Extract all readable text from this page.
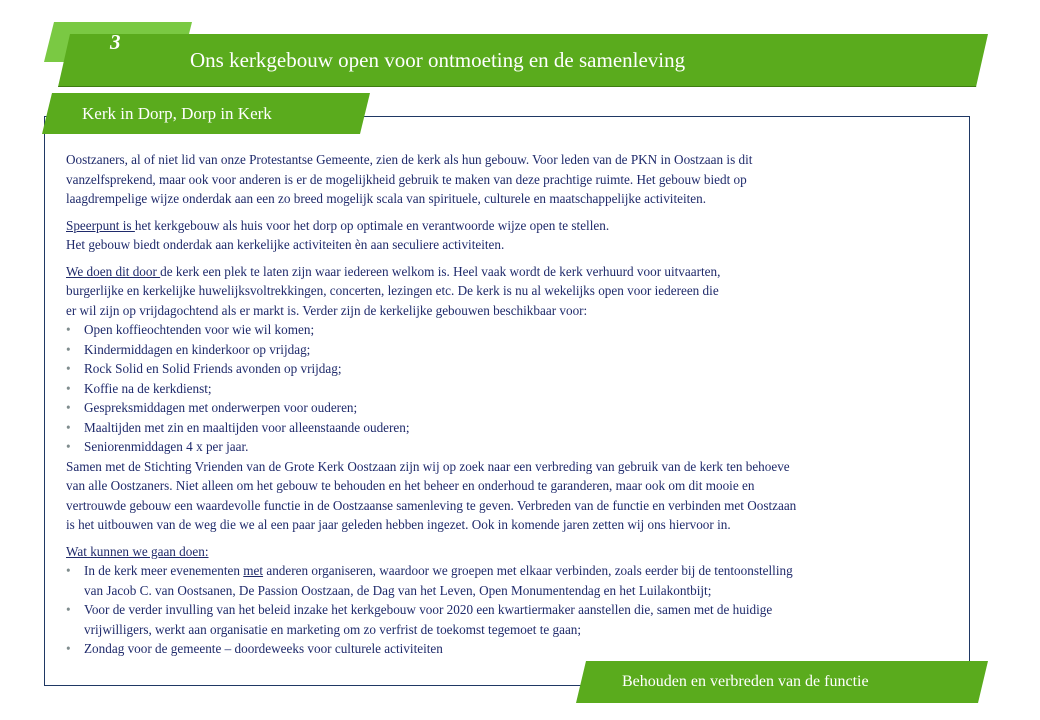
3
Ons kerkgebouw open voor ontmoeting en de samenleving
Kerk in Dorp, Dorp in Kerk
Oostzaners, al of niet lid van onze Protestantse Gemeente, zien de kerk als hun gebouw. Voor leden van de PKN in Oostzaan is dit
vanzelfsprekend, maar ook voor anderen is er de mogelijkheid gebruik te maken van deze prachtige ruimte. Het gebouw biedt op
laagdrempelige wijze onderdak aan een zo breed mogelijk scala van spirituele, culturele en maatschappelijke activiteiten.
Speerpunt is het kerkgebouw als huis voor het dorp op optimale en verantwoorde wijze open te stellen.
Het gebouw biedt onderdak aan kerkelijke activiteiten èn aan seculiere activiteiten.
We doen dit door de kerk een plek te laten zijn waar iedereen welkom is. Heel vaak wordt de kerk verhuurd voor uitvaarten,
burgerlijke en kerkelijke huwelijksvoltrekkingen, concerten, lezingen etc. De kerk is nu al wekelijks open voor iedereen die
er wil zijn op vrijdagochtend als er markt is. Verder zijn de kerkelijke gebouwen beschikbaar voor:
• Open koffieochtenden voor wie wil komen;
• Kindermiddagen en kinderkoor op vrijdag;
• Rock Solid en Solid Friends avonden op vrijdag;
• Koffie na de kerkdienst;
• Gespreksmiddagen met onderwerpen voor ouderen;
• Maaltijden met zin en maaltijden voor alleenstaande ouderen;
• Seniorenmiddagen 4 x per jaar.
Samen met de Stichting Vrienden van de Grote Kerk Oostzaan zijn wij op zoek naar een verbreding van gebruik van de kerk ten behoeve
van alle Oostzaners. Niet alleen om het gebouw te behouden en het beheer en onderhoud te garanderen, maar ook om dit mooie en
vertrouwde gebouw een waardevolle functie in de Oostzaanse samenleving te geven. Verbreden van de functie en verbinden met Oostzaan
is het uitbouwen van de weg die we al een paar jaar geleden hebben ingezet. Ook in komende jaren zetten wij ons hiervoor in.
Wat kunnen we gaan doen:
• In de kerk meer evenementen met anderen organiseren, waardoor we groepen met elkaar verbinden, zoals eerder bij de tentoonstelling
van Jacob C. van Oostsanen, De Passion Oostzaan, de Dag van het Leven, Open Monumentendag en het Luilakontbijt;
• Voor de verder invulling van het beleid inzake het kerkgebouw voor 2020 een kwartiermaker aanstellen die, samen met de huidige
vrijwilligers, werkt aan organisatie en marketing om zo verfrist de toekomst tegemoet te gaan;
• Zondag voor de gemeente – doordeweeks voor culturele activiteiten
Behouden en verbreden van de functie
